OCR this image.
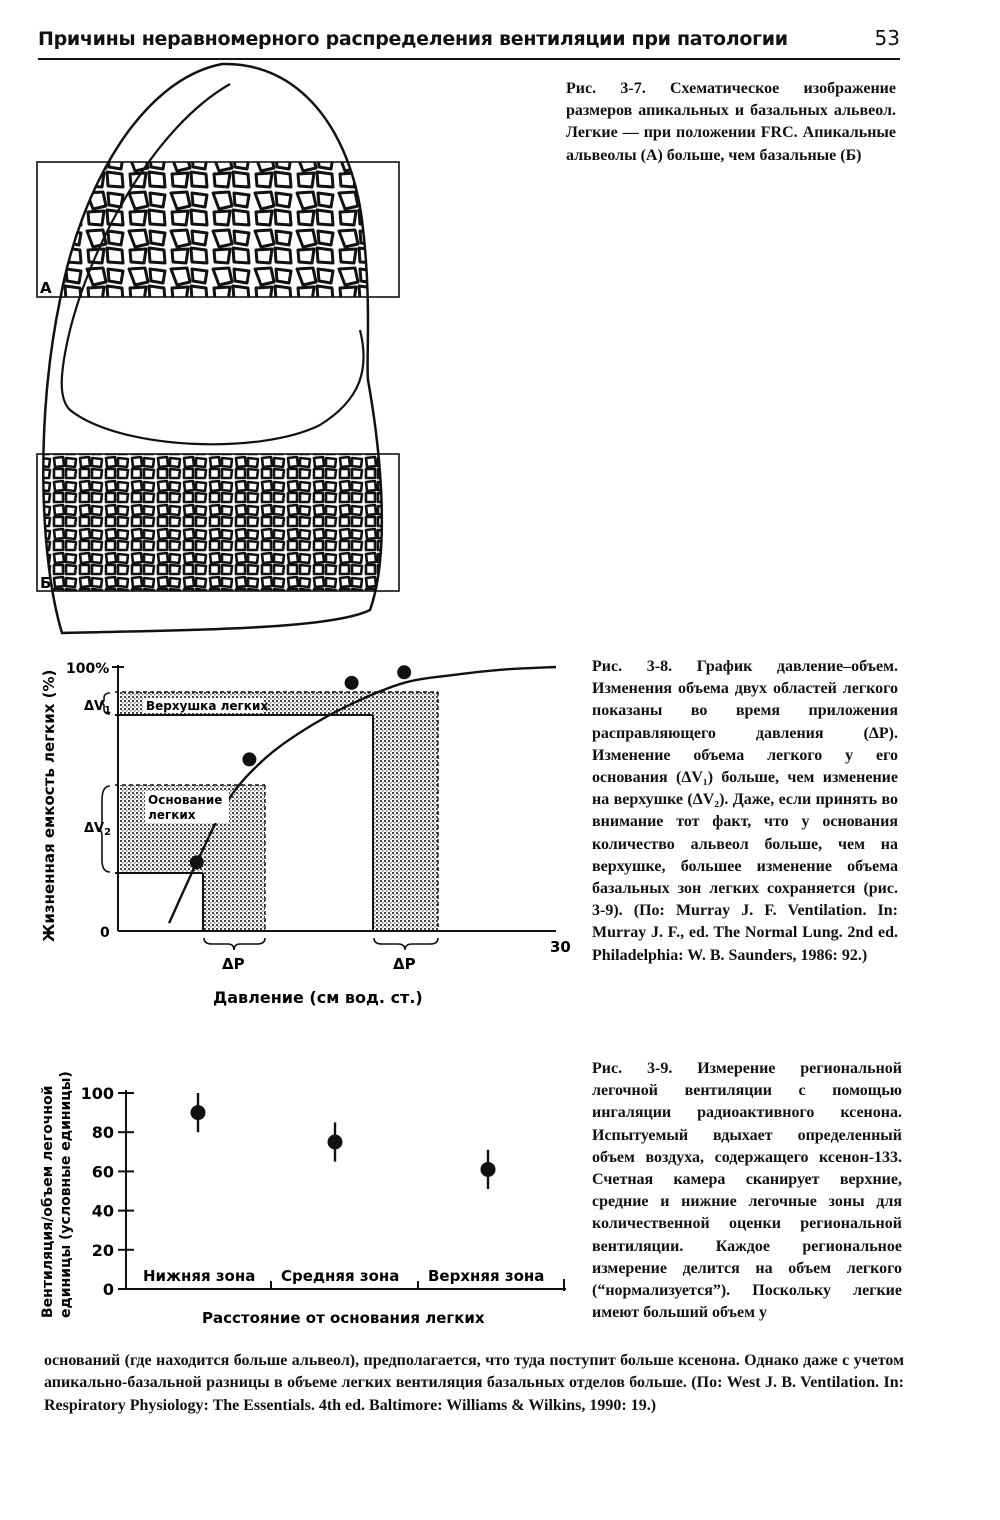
Причины неравномерного распределения вентиляции при патологии	53
Рис. 3-7. Схематическое изображение размеров апикальных и базальных альвеол. Легкие — при положении FRC. Апикальные альвеолы (А) больше, чем базальные (Б)
Рис. 3-8. График давление–объем. Изменения объема двух областей легкого показаны во время приложения расправляющего давления (ΔP). Изменение объема легкого у его основания (ΔV₁) больше, чем изменение на верхушке (ΔV₂). Даже, если принять во внимание тот факт, что у основания количество альвеол больше, чем на верхушке, большее изменение объема базальных зон легких сохраняется (рис. 3-9). (По: Murray J. F. Ventilation. In: Murray J. F., ed. The Normal Lung. 2nd ed. Philadelphia: W. B. Saunders, 1986: 92.)
Рис. 3-9. Измерение региональной легочной вентиляции с помощью ингаляции радиоактивного ксенона. Испытуемый вдыхает определенный объем воздуха, содержащего ксенон-133. Счетная камера сканирует верхние, средние и нижние легочные зоны для количественной оценки региональной вентиляции. Каждое региональное измерение делится на объем легкого (“нормализуется”). Поскольку легкие имеют больший объем у
оснований (где находится больше альвеол), предполагается, что туда поступит больше ксенона. Однако даже с учетом апикально-базальной разницы в объеме легких вентиляция базальных отделов больше. (По: West J. B. Ventilation. In: Respiratory Physiology: The Essentials. 4th ed. Baltimore: Williams & Wilkins, 1990: 19.)
А
Б
100%
0
30
$\Delta V_1$
$\Delta V_2$
ΔP	ΔP
Верхушка легких
Основание
легких
Давление (см вод. ст.)
Жизненная емкость легких (%)
0
20
40
60
80
100
Нижняя зона Средняя зона Верхняя зона
Расстояние от основания легких
Вентиляция/объем легочной единицы (условные единицы)
